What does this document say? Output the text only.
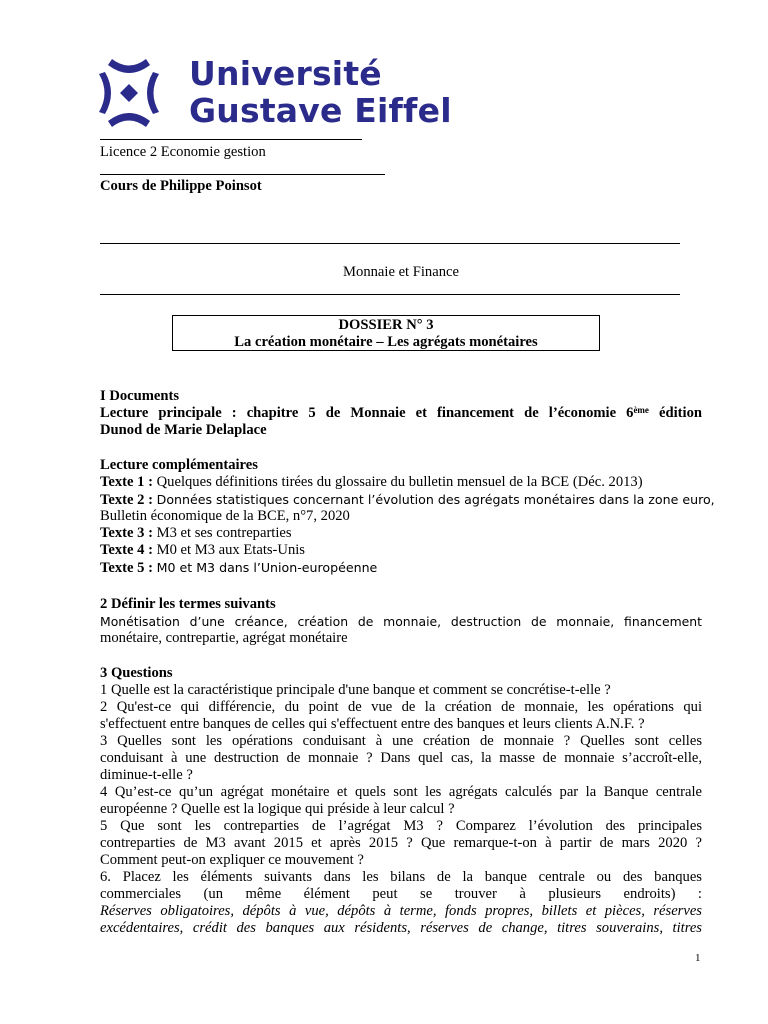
Université
Gustave Eiffel
Licence 2 Economie gestion
Cours de Philippe Poinsot
Monnaie et Finance
DOSSIER N° 3
La création monétaire – Les agrégats monétaires
I Documents
Lecture principale : chapitre 5 de Monnaie et financement de l’économie 6ème édition
Dunod de Marie Delaplace
Lecture complémentaires
Texte 1 : Quelques définitions tirées du glossaire du bulletin mensuel de la BCE (Déc. 2013)
Texte 2 : Données statistiques concernant l’évolution des agrégats monétaires dans la zone euro,
Bulletin économique de la BCE, n°7, 2020
Texte 3 : M3 et ses contreparties
Texte 4 : M0 et M3 aux Etats-Unis
Texte 5 : M0 et M3 dans l’Union-européenne
2 Définir les termes suivants
Monétisation d’une créance, création de monnaie, destruction de monnaie, financement
monétaire, contrepartie, agrégat monétaire
3 Questions
1 Quelle est la caractéristique principale d'une banque et comment se concrétise-t-elle ?
2 Qu'est-ce qui différencie, du point de vue de la création de monnaie, les opérations qui
s'effectuent entre banques de celles qui s'effectuent entre des banques et leurs clients A.N.F. ?
3 Quelles sont les opérations conduisant à une création de monnaie ? Quelles sont celles
conduisant à une destruction de monnaie ? Dans quel cas, la masse de monnaie s’accroît-elle,
diminue-t-elle ?
4 Qu’est-ce qu’un agrégat monétaire et quels sont les agrégats calculés par la Banque centrale
européenne ? Quelle est la logique qui préside à leur calcul ?
5 Que sont les contreparties de l’agrégat M3 ? Comparez l’évolution des principales
contreparties de M3 avant 2015 et après 2015 ? Que remarque-t-on à partir de mars 2020 ?
Comment peut-on expliquer ce mouvement ?
6. Placez les éléments suivants dans les bilans de la banque centrale ou des banques
commerciales (un même élément peut se trouver à plusieurs endroits) :
Réserves obligatoires, dépôts à vue, dépôts à terme, fonds propres, billets et pièces, réserves
excédentaires, crédit des banques aux résidents, réserves de change, titres souverains, titres
1
